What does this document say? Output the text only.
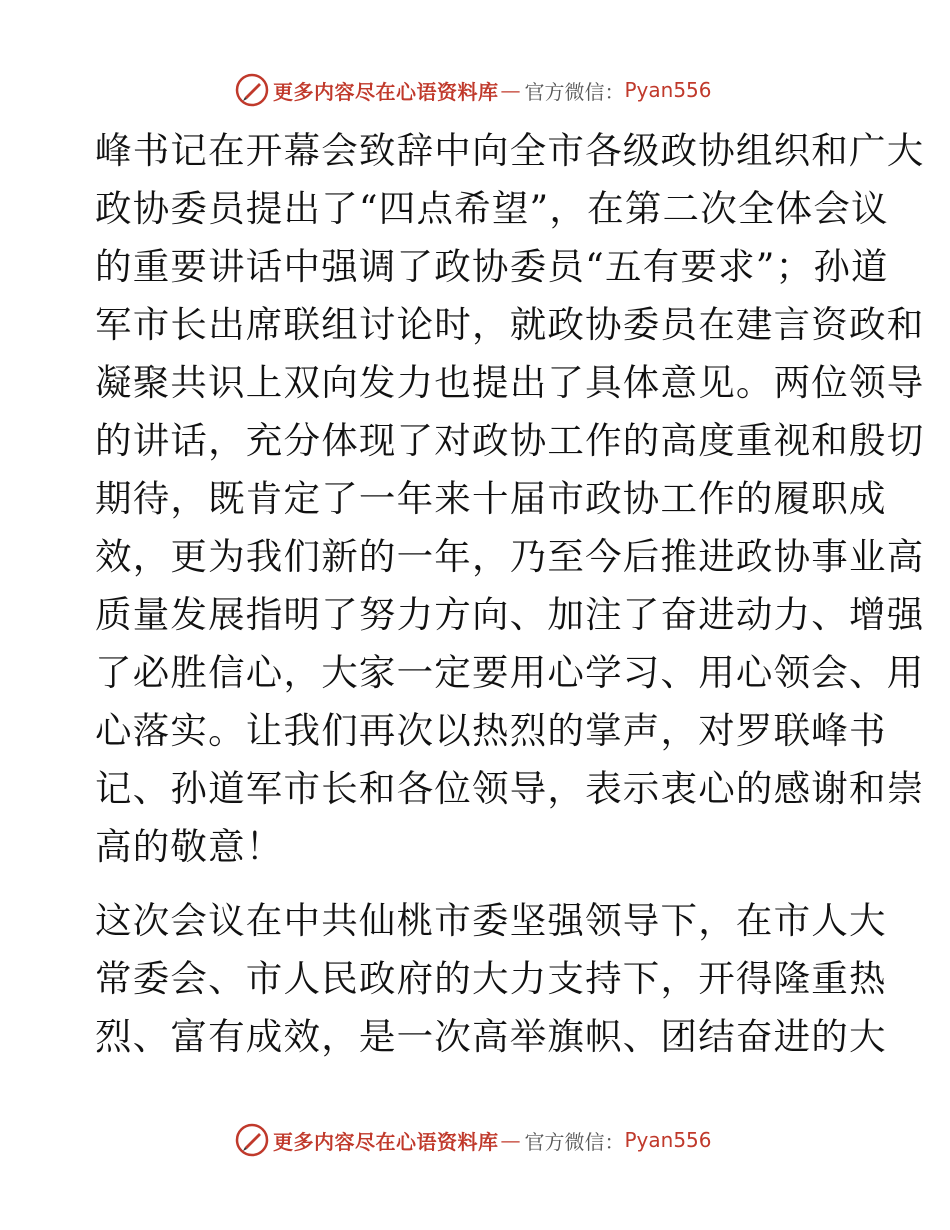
更多内容尽在心语资料库 — 官方微信： Pyan556
峰书记在开幕会致辞中向全市各级政协组织和广大
政协委员提出了“四点希望”，在第二次全体会议
的重要讲话中强调了政协委员“五有要求”；孙道
军市长出席联组讨论时，就政协委员在建言资政和
凝聚共识上双向发力也提出了具体意见。两位领导
的讲话，充分体现了对政协工作的高度重视和殷切
期待，既肯定了一年来十届市政协工作的履职成
效，更为我们新的一年，乃至今后推进政协事业高
质量发展指明了努力方向、加注了奋进动力、增强
了必胜信心，大家一定要用心学习、用心领会、用
心落实。让我们再次以热烈的掌声，对罗联峰书
记、孙道军市长和各位领导，表示衷心的感谢和崇
高的敬意！
这次会议在中共仙桃市委坚强领导下，在市人大
常委会、市人民政府的大力支持下，开得隆重热
烈、富有成效，是一次高举旗帜、团结奋进的大
更多内容尽在心语资料库 — 官方微信： Pyan556
